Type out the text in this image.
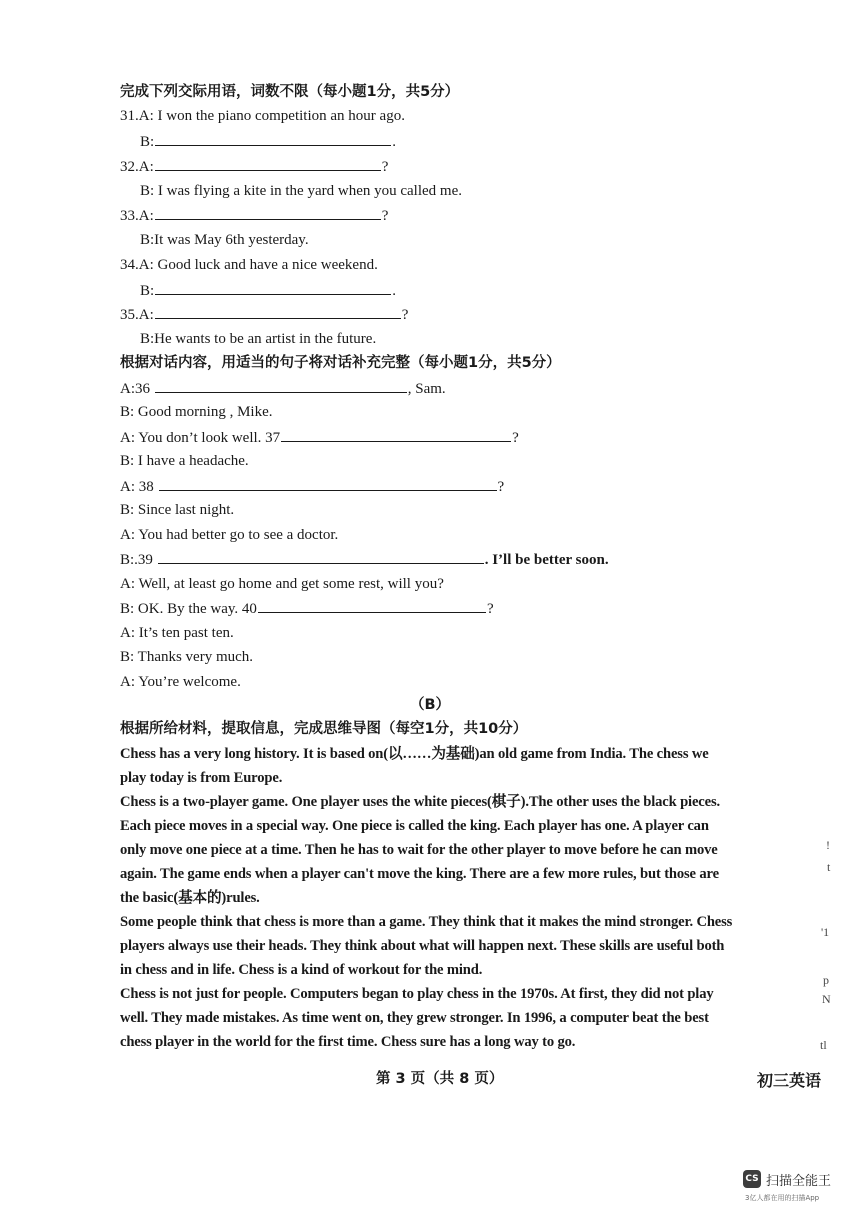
完成下列交际用语，词数不限（每小题1分，共5分）
31.A: I won the piano competition an hour ago.
B:	.
32.A:	?
B: I was flying a kite in the yard when you called me.
33.A:	?
B:It was May 6th yesterday.
34.A: Good luck and have a nice weekend.
B:	.
35.A:	?
B:He wants to be an artist in the future.
根据对话内容，用适当的句子将对话补充完整（每小题1分，共5分）
A:36	, Sam.
B: Good morning , Mike.
A: You don’t look well. 37	?
B: I have a headache.
A: 38	?
B: Since last night.
A: You had better go to see a doctor.
B:.39	. I’ll be better soon.
A: Well, at least go home and get some rest, will you?
B: OK. By the way. 40	?
A: It’s ten past ten.
B: Thanks very much.
A: You’re welcome.
（B）
根据所给材料，提取信息，完成思维导图（每空1分，共10分）
Chess has a very long history. It is based on(以……为基础)an old game from India. The chess we
play today is from Europe.
Chess is a two-player game. One player uses the white pieces(棋子).The other uses the black pieces.
Each piece moves in a special way. One piece is called the king. Each player has one. A player can
only move one piece at a time. Then he has to wait for the other player to move before he can move
again. The game ends when a player can't move the king. There are a few more rules, but those are
the basic(基本的)rules.
Some people think that chess is more than a game. They think that it makes the mind stronger. Chess
players always use their heads. They think about what will happen next. These skills are useful both
in chess and in life. Chess is a kind of workout for the mind.
Chess is not just for people. Computers began to play chess in the 1970s. At first, they did not play
well. They made mistakes. As time went on, they grew stronger. In 1996, a computer beat the best
chess player in the world for the first time. Chess sure has a long way to go.
!
t
'1
p
N
tl
第 3 页（共 8 页）	初三英语
CS 扫描全能王
3亿人都在用的扫描App
